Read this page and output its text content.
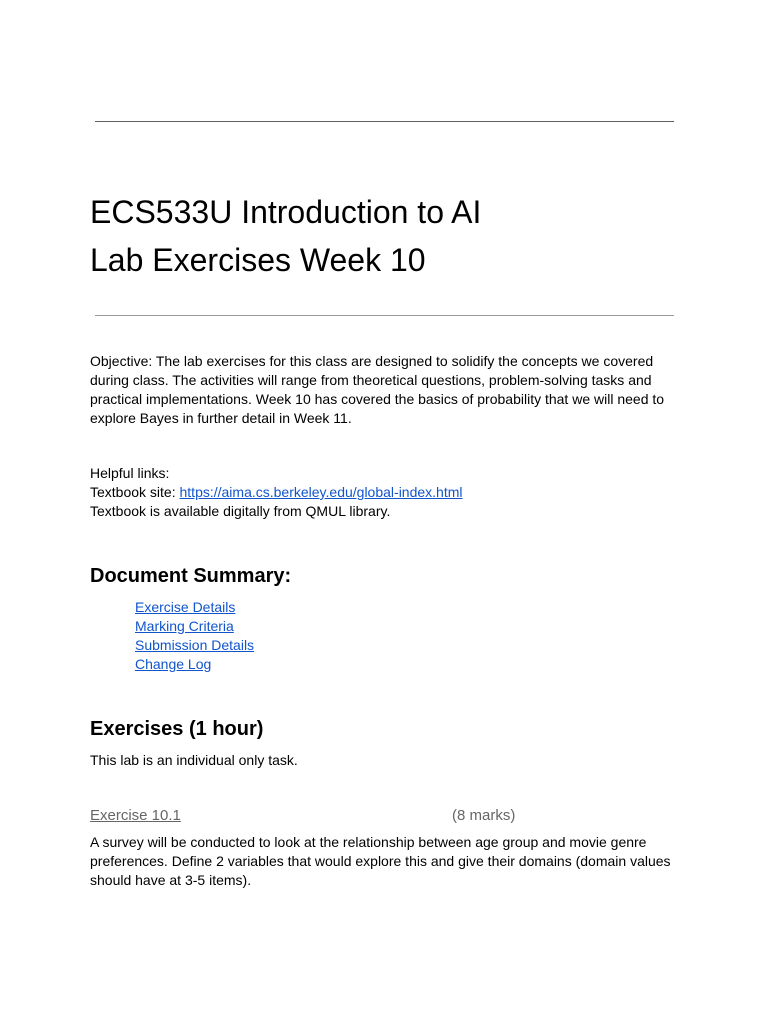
ECS533U Introduction to AI
Lab Exercises Week 10

Objective: The lab exercises for this class are designed to solidify the concepts we covered during class. The activities will range from theoretical questions, problem-solving tasks and practical implementations. Week 10 has covered the basics of probability that we will need to explore Bayes in further detail in Week 11.

Helpful links:
Textbook site: https://aima.cs.berkeley.edu/global-index.html
Textbook is available digitally from QMUL library.
Document Summary:
Exercise Details
Marking Criteria
Submission Details
Change Log
Exercises (1 hour)

This lab is an individual only task.

Exercise 10.1	(8 marks)

A survey will be conducted to look at the relationship between age group and movie genre preferences. Define 2 variables that would explore this and give their domains (domain values should have at 3-5 items).
